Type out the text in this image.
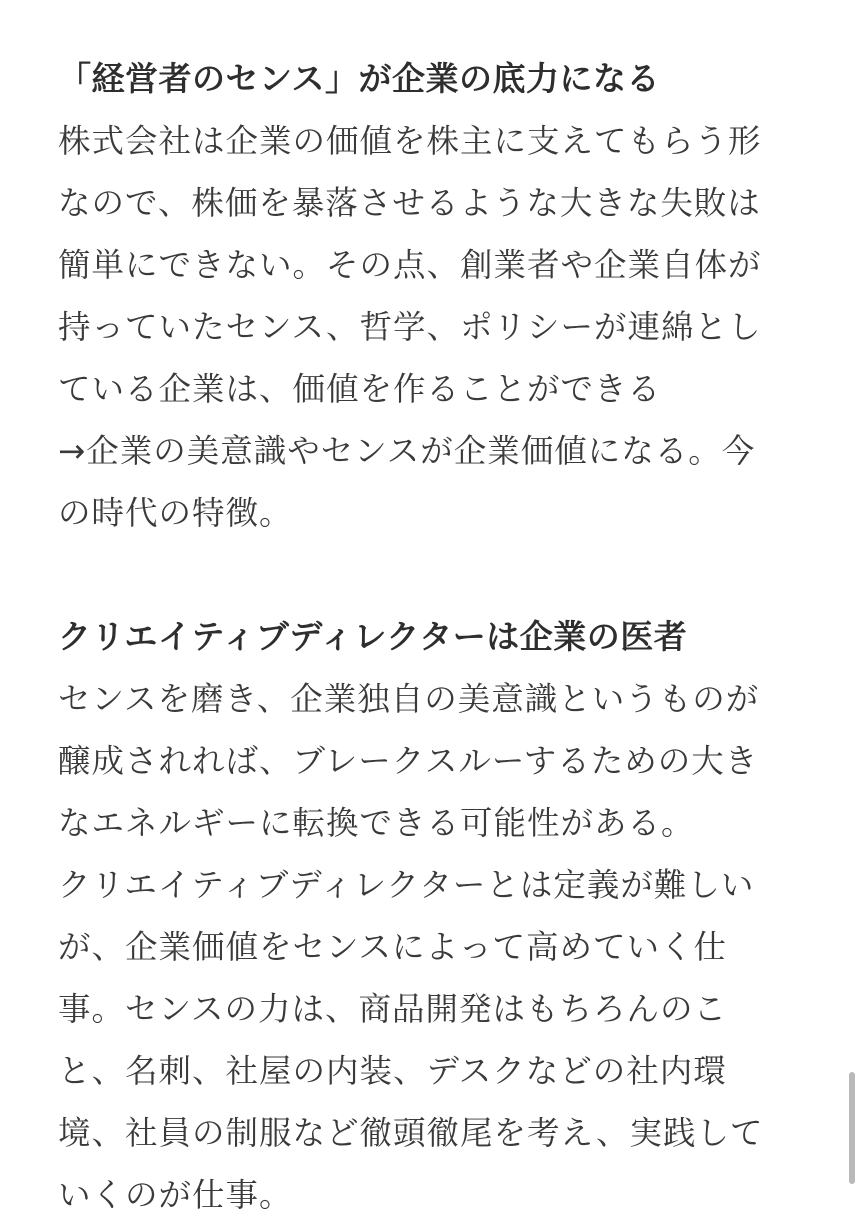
「経営者のセンス」が企業の底力になる

株式会社は企業の価値を株主に支えてもらう形

なので、株価を暴落させるような大きな失敗は

簡単にできない。その点、創業者や企業自体が

持っていたセンス、哲学、ポリシーが連綿とし

ている企業は、価値を作ることができる

→企業の美意識やセンスが企業価値になる。今

の時代の特徴。

クリエイティブディレクターは企業の医者

センスを磨き、企業独自の美意識というものが

醸成されれば、ブレークスルーするための大き

なエネルギーに転換できる可能性がある。

クリエイティブディレクターとは定義が難しい

が、企業価値をセンスによって高めていく仕

事。センスの力は、商品開発はもちろんのこ

と、名刺、社屋の内装、デスクなどの社内環

境、社員の制服など徹頭徹尾を考え、実践して

いくのが仕事。
